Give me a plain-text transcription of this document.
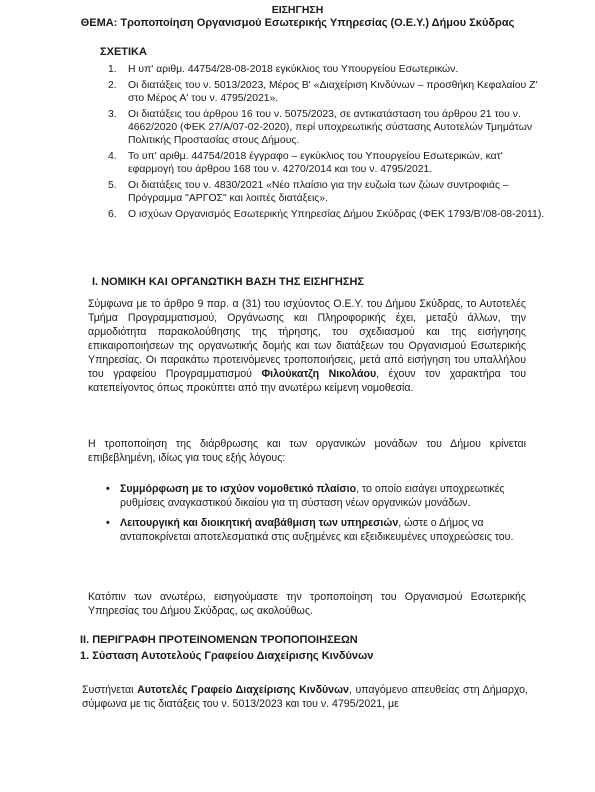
ΕΙΣΗΓΗΣΗ
ΘΕΜΑ: Τροποποίηση Οργανισμού Εσωτερικής Υπηρεσίας (Ο.Ε.Υ.) Δήμου Σκύδρας
ΣΧΕΤΙΚΑ
1.	Η υπ' αριθμ. 44754/28-08-2018 εγκύκλιος του Υπουργείου Εσωτερικών.
2.	Οι διατάξεις του ν. 5013/2023, Μέρος Β' «Διαχείριση Κινδύνων – προσθήκη Κεφαλαίου Ζ' στο Μέρος Α' του ν. 4795/2021».
3.	Οι διατάξεις του άρθρου 16 του ν. 5075/2023, σε αντικατάσταση του άρθρου 21 του ν. 4662/2020 (ΦΕΚ 27/Α/07-02-2020), περί υποχρεωτικής σύστασης Αυτοτελών Τμημάτων Πολιτικής Προστασίας στους Δήμους.
4.	Το υπ' αριθμ. 44754/2018 έγγραφο – εγκύκλιος του Υπουργείου Εσωτερικών, κατ' εφαρμογή του άρθρου 168 του ν. 4270/2014 και του ν. 4795/2021.
5.	Οι διατάξεις του ν. 4830/2021 «Νέο πλαίσιο για την ευζωία των ζώων συντροφιάς – Πρόγραμμα "ΑΡΓΟΣ" και λοιπές διατάξεις».
6.	Ο ισχύων Οργανισμός Εσωτερικής Υπηρεσίας Δήμου Σκύδρας (ΦΕΚ 1793/Β'/08-08-2011).
Ι. ΝΟΜΙΚΗ ΚΑΙ ΟΡΓΑΝΩΤΙΚΗ ΒΑΣΗ ΤΗΣ ΕΙΣΗΓΗΣΗΣ
Σύμφωνα με το άρθρο 9 παρ. α (31) του ισχύοντος Ο.Ε.Υ. του Δήμου Σκύδρας, το Αυτοτελές Τμήμα Προγραμματισμού, Οργάνωσης και Πληροφορικής έχει, μεταξύ άλλων, την αρμοδιότητα παρακολούθησης της τήρησης, του σχεδιασμού και της εισήγησης επικαιροποιήσεων της οργανωτικής δομής και των διατάξεων του Οργανισμού Εσωτερικής Υπηρεσίας. Οι παρακάτω προτεινόμενες τροποποιήσεις, μετά από εισήγηση του υπαλλήλου του γραφείου Προγραμματισμού Φιλούκατζη Νικολάου, έχουν τον χαρακτήρα του κατεπείγοντος όπως προκύπτει από την ανωτέρω κείμενη νομοθεσία.
Η τροποποίηση της διάρθρωσης και των οργανικών μονάδων του Δήμου κρίνεται επιβεβλημένη, ιδίως για τους εξής λόγους:
• Συμμόρφωση με το ισχύον νομοθετικό πλαίσιο, το οποίο εισάγει υποχρεωτικές ρυθμίσεις αναγκαστικού δικαίου για τη σύσταση νέων οργανικών μονάδων.
• Λειτουργική και διοικητική αναβάθμιση των υπηρεσιών, ώστε ο Δήμος να ανταποκρίνεται αποτελεσματικά στις αυξημένες και εξειδικευμένες υποχρεώσεις του.
Κατόπιν των ανωτέρω, εισηγούμαστε την τροποποίηση του Οργανισμού Εσωτερικής Υπηρεσίας του Δήμου Σκύδρας, ως ακολούθως.
ΙΙ. ΠΕΡΙΓΡΑΦΗ ΠΡΟΤΕΙΝΟΜΕΝΩΝ ΤΡΟΠΟΠΟΙΗΣΕΩΝ
1. Σύσταση Αυτοτελούς Γραφείου Διαχείρισης Κινδύνων
Συστήνεται Αυτοτελές Γραφείο Διαχείρισης Κινδύνων, υπαγόμενο απευθείας στη Δήμαρχο, σύμφωνα με τις διατάξεις του ν. 5013/2023 και του ν. 4795/2021, με
